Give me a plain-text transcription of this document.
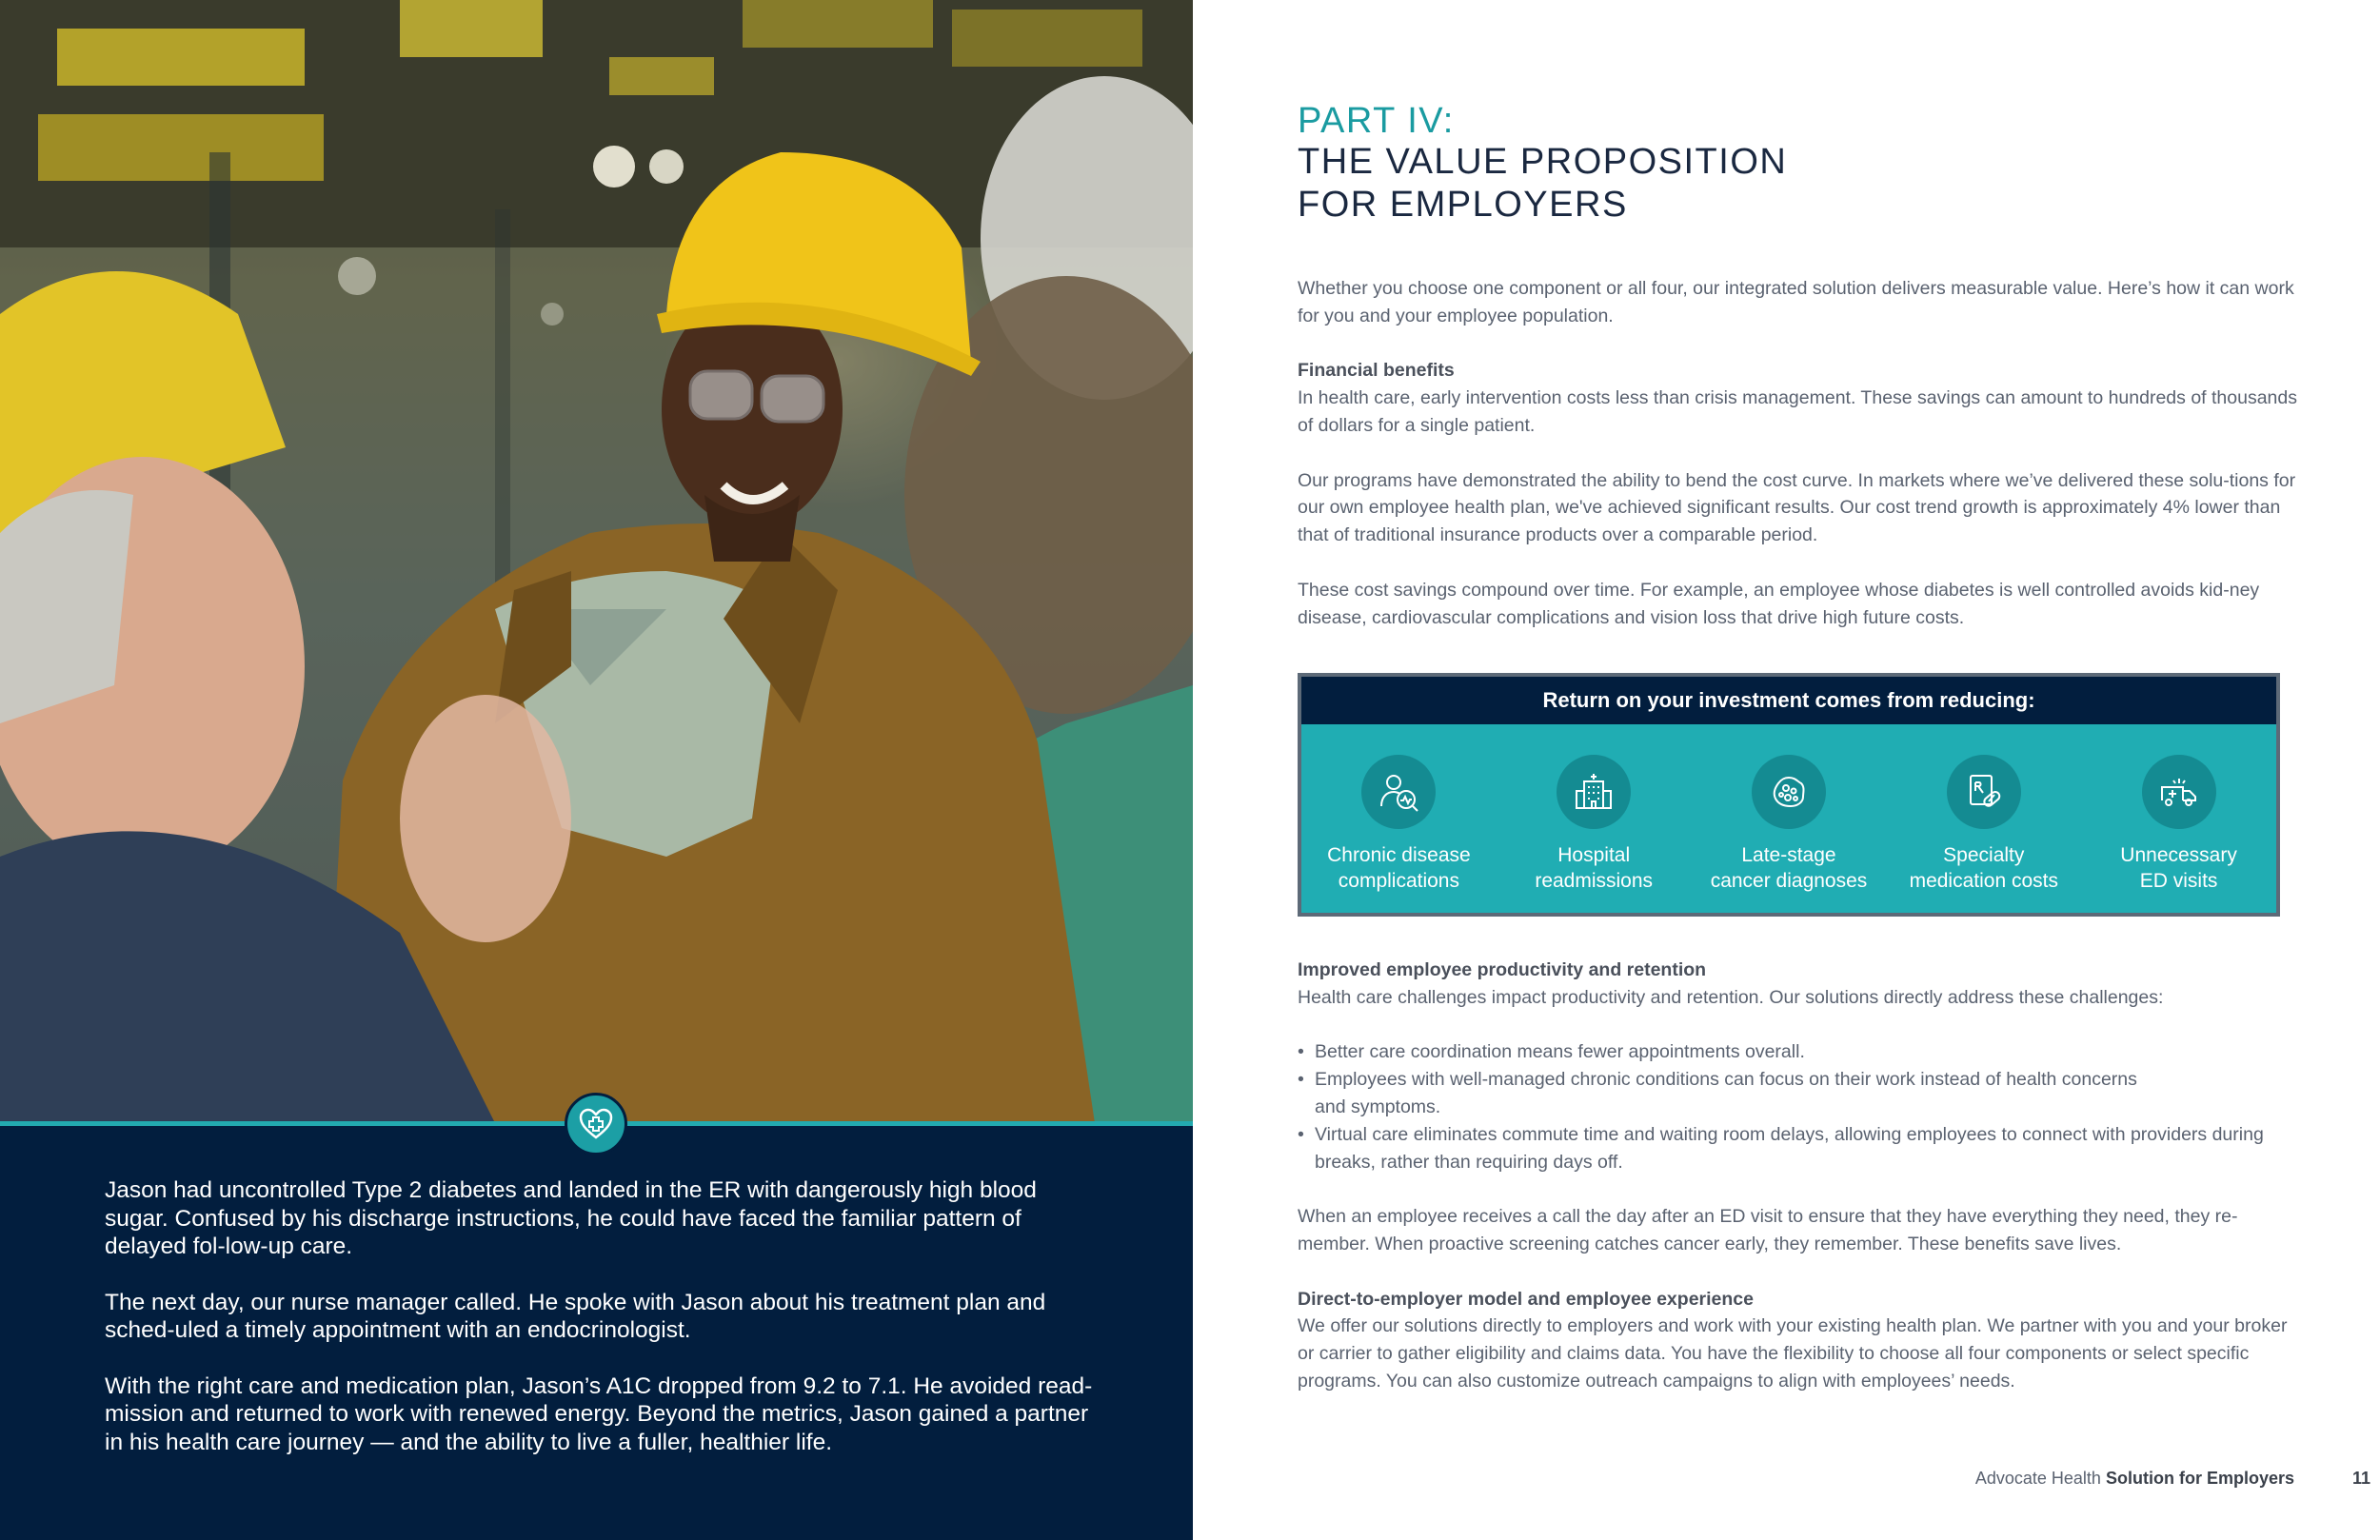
Jason had uncontrolled Type 2 diabetes and landed in the ER with dangerously high blood sugar. Confused by his discharge instructions, he could have faced the familiar pattern of delayed fol-low-up care.

The next day, our nurse manager called. He spoke with Jason about his treatment plan and sched-uled a timely appointment with an endocrinologist.

With the right care and medication plan, Jason’s A1C dropped from 9.2 to 7.1. He avoided read-mission and returned to work with renewed energy. Beyond the metrics, Jason gained a partner in his health care journey — and the ability to live a fuller, healthier life.

PART IV:
THE VALUE PROPOSITION
FOR EMPLOYERS

Whether you choose one component or all four, our integrated solution delivers measurable value. Here’s how it can work for you and your employee population.

Financial benefits

In health care, early intervention costs less than crisis management. These savings can amount to hundreds of thousands of dollars for a single patient.

Our programs have demonstrated the ability to bend the cost curve. In markets where we’ve delivered these solu-tions for our own employee health plan, we've achieved significant results. Our cost trend growth is approximately 4% lower than that of traditional insurance products over a comparable period.

These cost savings compound over time. For example, an employee whose diabetes is well controlled avoids kid-ney disease, cardiovascular complications and vision loss that drive high future costs.

Return on your investment comes from reducing:
Chronic disease
complications
Hospital
readmissions
Late-stage
cancer diagnoses
Specialty
medication costs
Unnecessary
ED visits

Improved employee productivity and retention

Health care challenges impact productivity and retention. Our solutions directly address these challenges:

• Better care coordination means fewer appointments overall.
• Employees with well-managed chronic conditions can focus on their work instead of health concerns and symptoms.
• Virtual care eliminates commute time and waiting room delays, allowing employees to connect with providers during breaks, rather than requiring days off.

When an employee receives a call the day after an ED visit to ensure that they have everything they need, they re-member. When proactive screening catches cancer early, they remember. These benefits save lives.

Direct-to-employer model and employee experience

We offer our solutions directly to employers and work with your existing health plan. We partner with you and your broker or carrier to gather eligibility and claims data. You have the flexibility to choose all four components or select specific programs. You can also customize outreach campaigns to align with employees’ needs.

Advocate Health Solution for Employers	11
